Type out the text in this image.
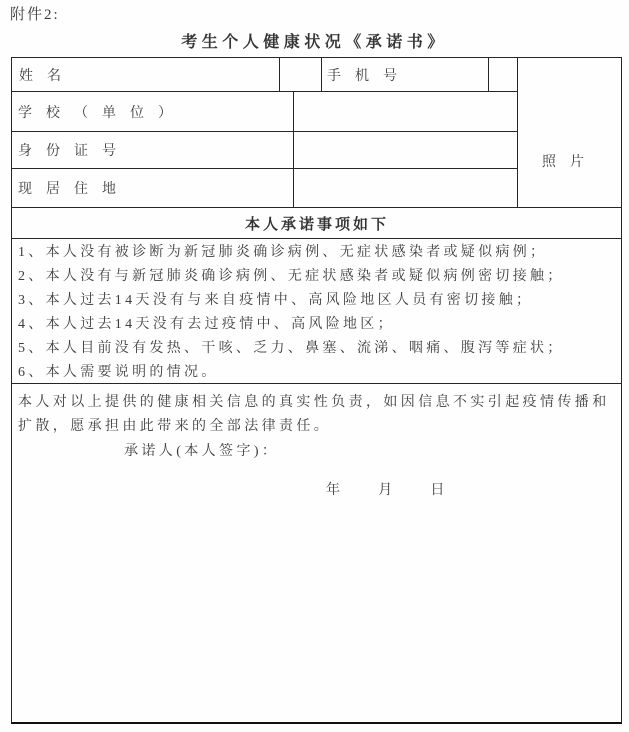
附件2:
考生个人健康状况《承诺书》
姓名	手机号
照片
学校（单位）
身份证号
现居住地
本人承诺事项如下
1、本人没有被诊断为新冠肺炎确诊病例、无症状感染者或疑似病例；
2、本人没有与新冠肺炎确诊病例、无症状感染者或疑似病例密切接触；
3、本人过去14天没有与来自疫情中、高风险地区人员有密切接触；
4、本人过去14天没有去过疫情中、高风险地区；
5、本人目前没有发热、干咳、乏力、鼻塞、流涕、咽痛、腹泻等症状；
6、本人需要说明的情况。
本人对以上提供的健康相关信息的真实性负责，如因信息不实引起疫情传播和扩散，愿承担由此带来的全部法律责任。
承诺人(本人签字)：
年　　月　　日
